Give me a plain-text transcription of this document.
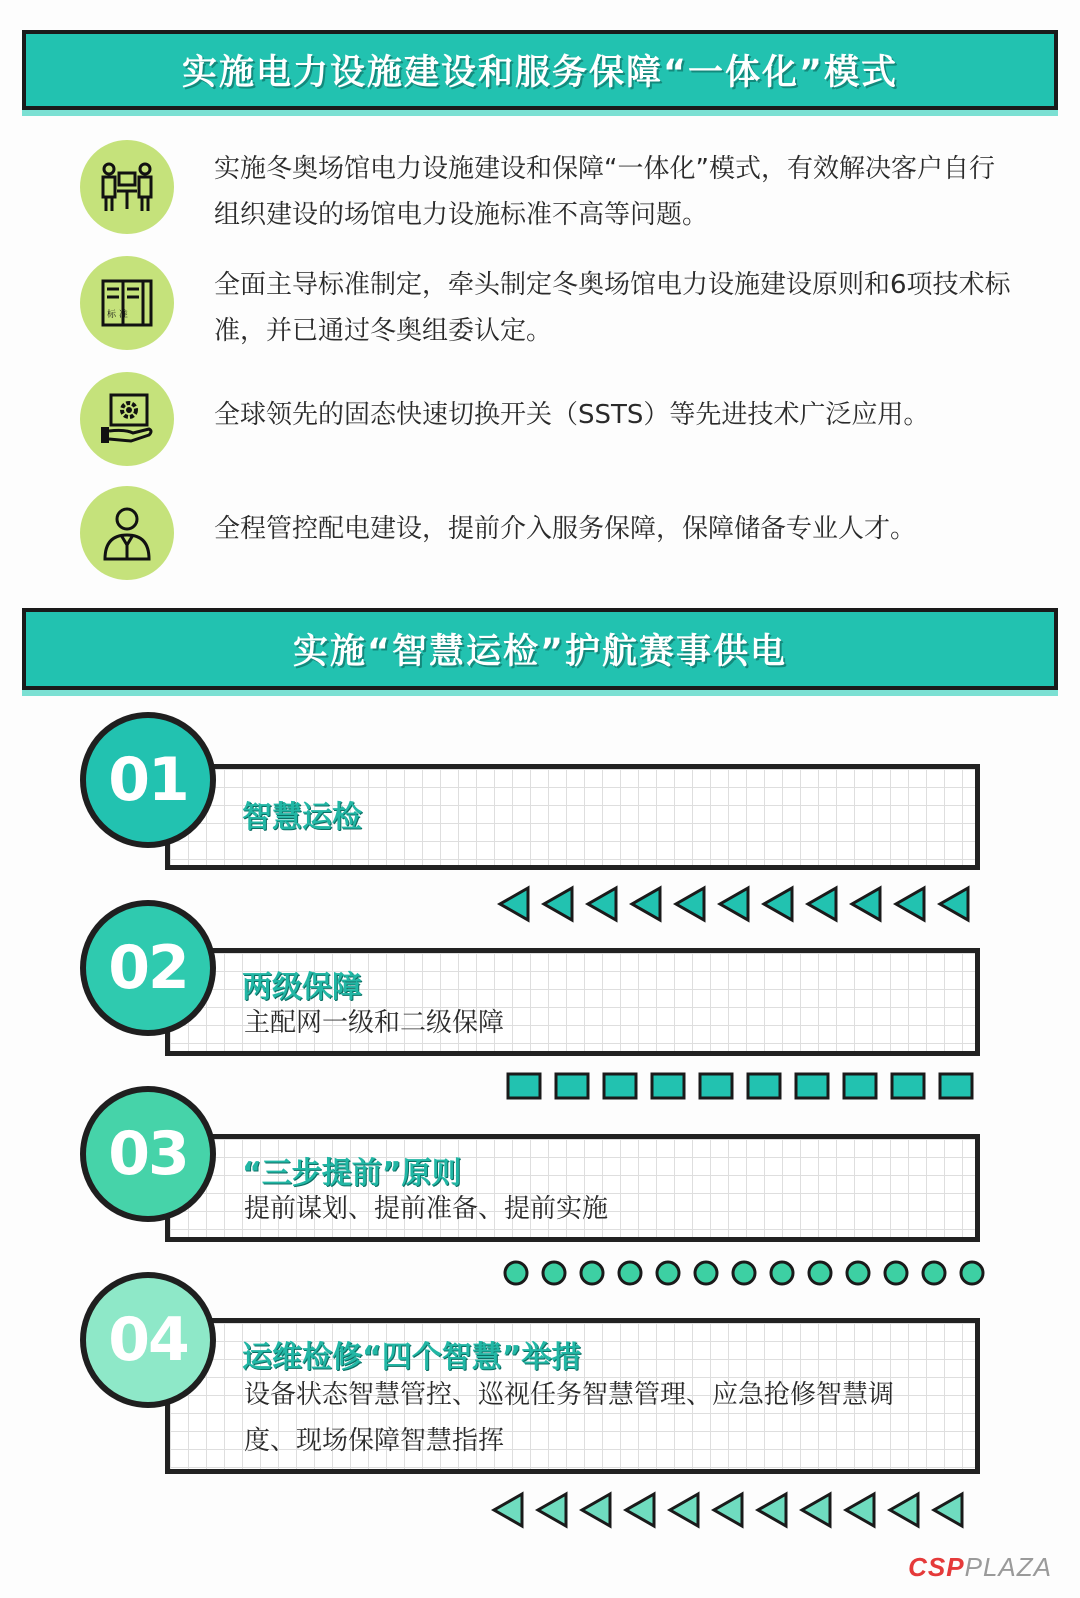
实施电力设施建设和服务保障“一体化”模式
实施冬奥场馆电力设施建设和保障“一体化”模式，有效解决客户自行组织建设的场馆电力设施标准不高等问题。
标 准
全面主导标准制定，牵头制定冬奥场馆电力设施建设原则和6项技术标准，并已通过冬奥组委认定。
全球领先的固态快速切换开关（SSTS）等先进技术广泛应用。
全程管控配电建设，提前介入服务保障，保障储备专业人才。
实施“智慧运检”护航赛事供电
01
智慧运检
02	两级保障
主配网一级和二级保障
03	“三步提前”原则
提前谋划、提前准备、提前实施
04	运维检修“四个智慧”举措
设备状态智慧管控、巡视任务智慧管理、应急抢修智慧调度、现场保障智慧指挥
CSPPLAZA
